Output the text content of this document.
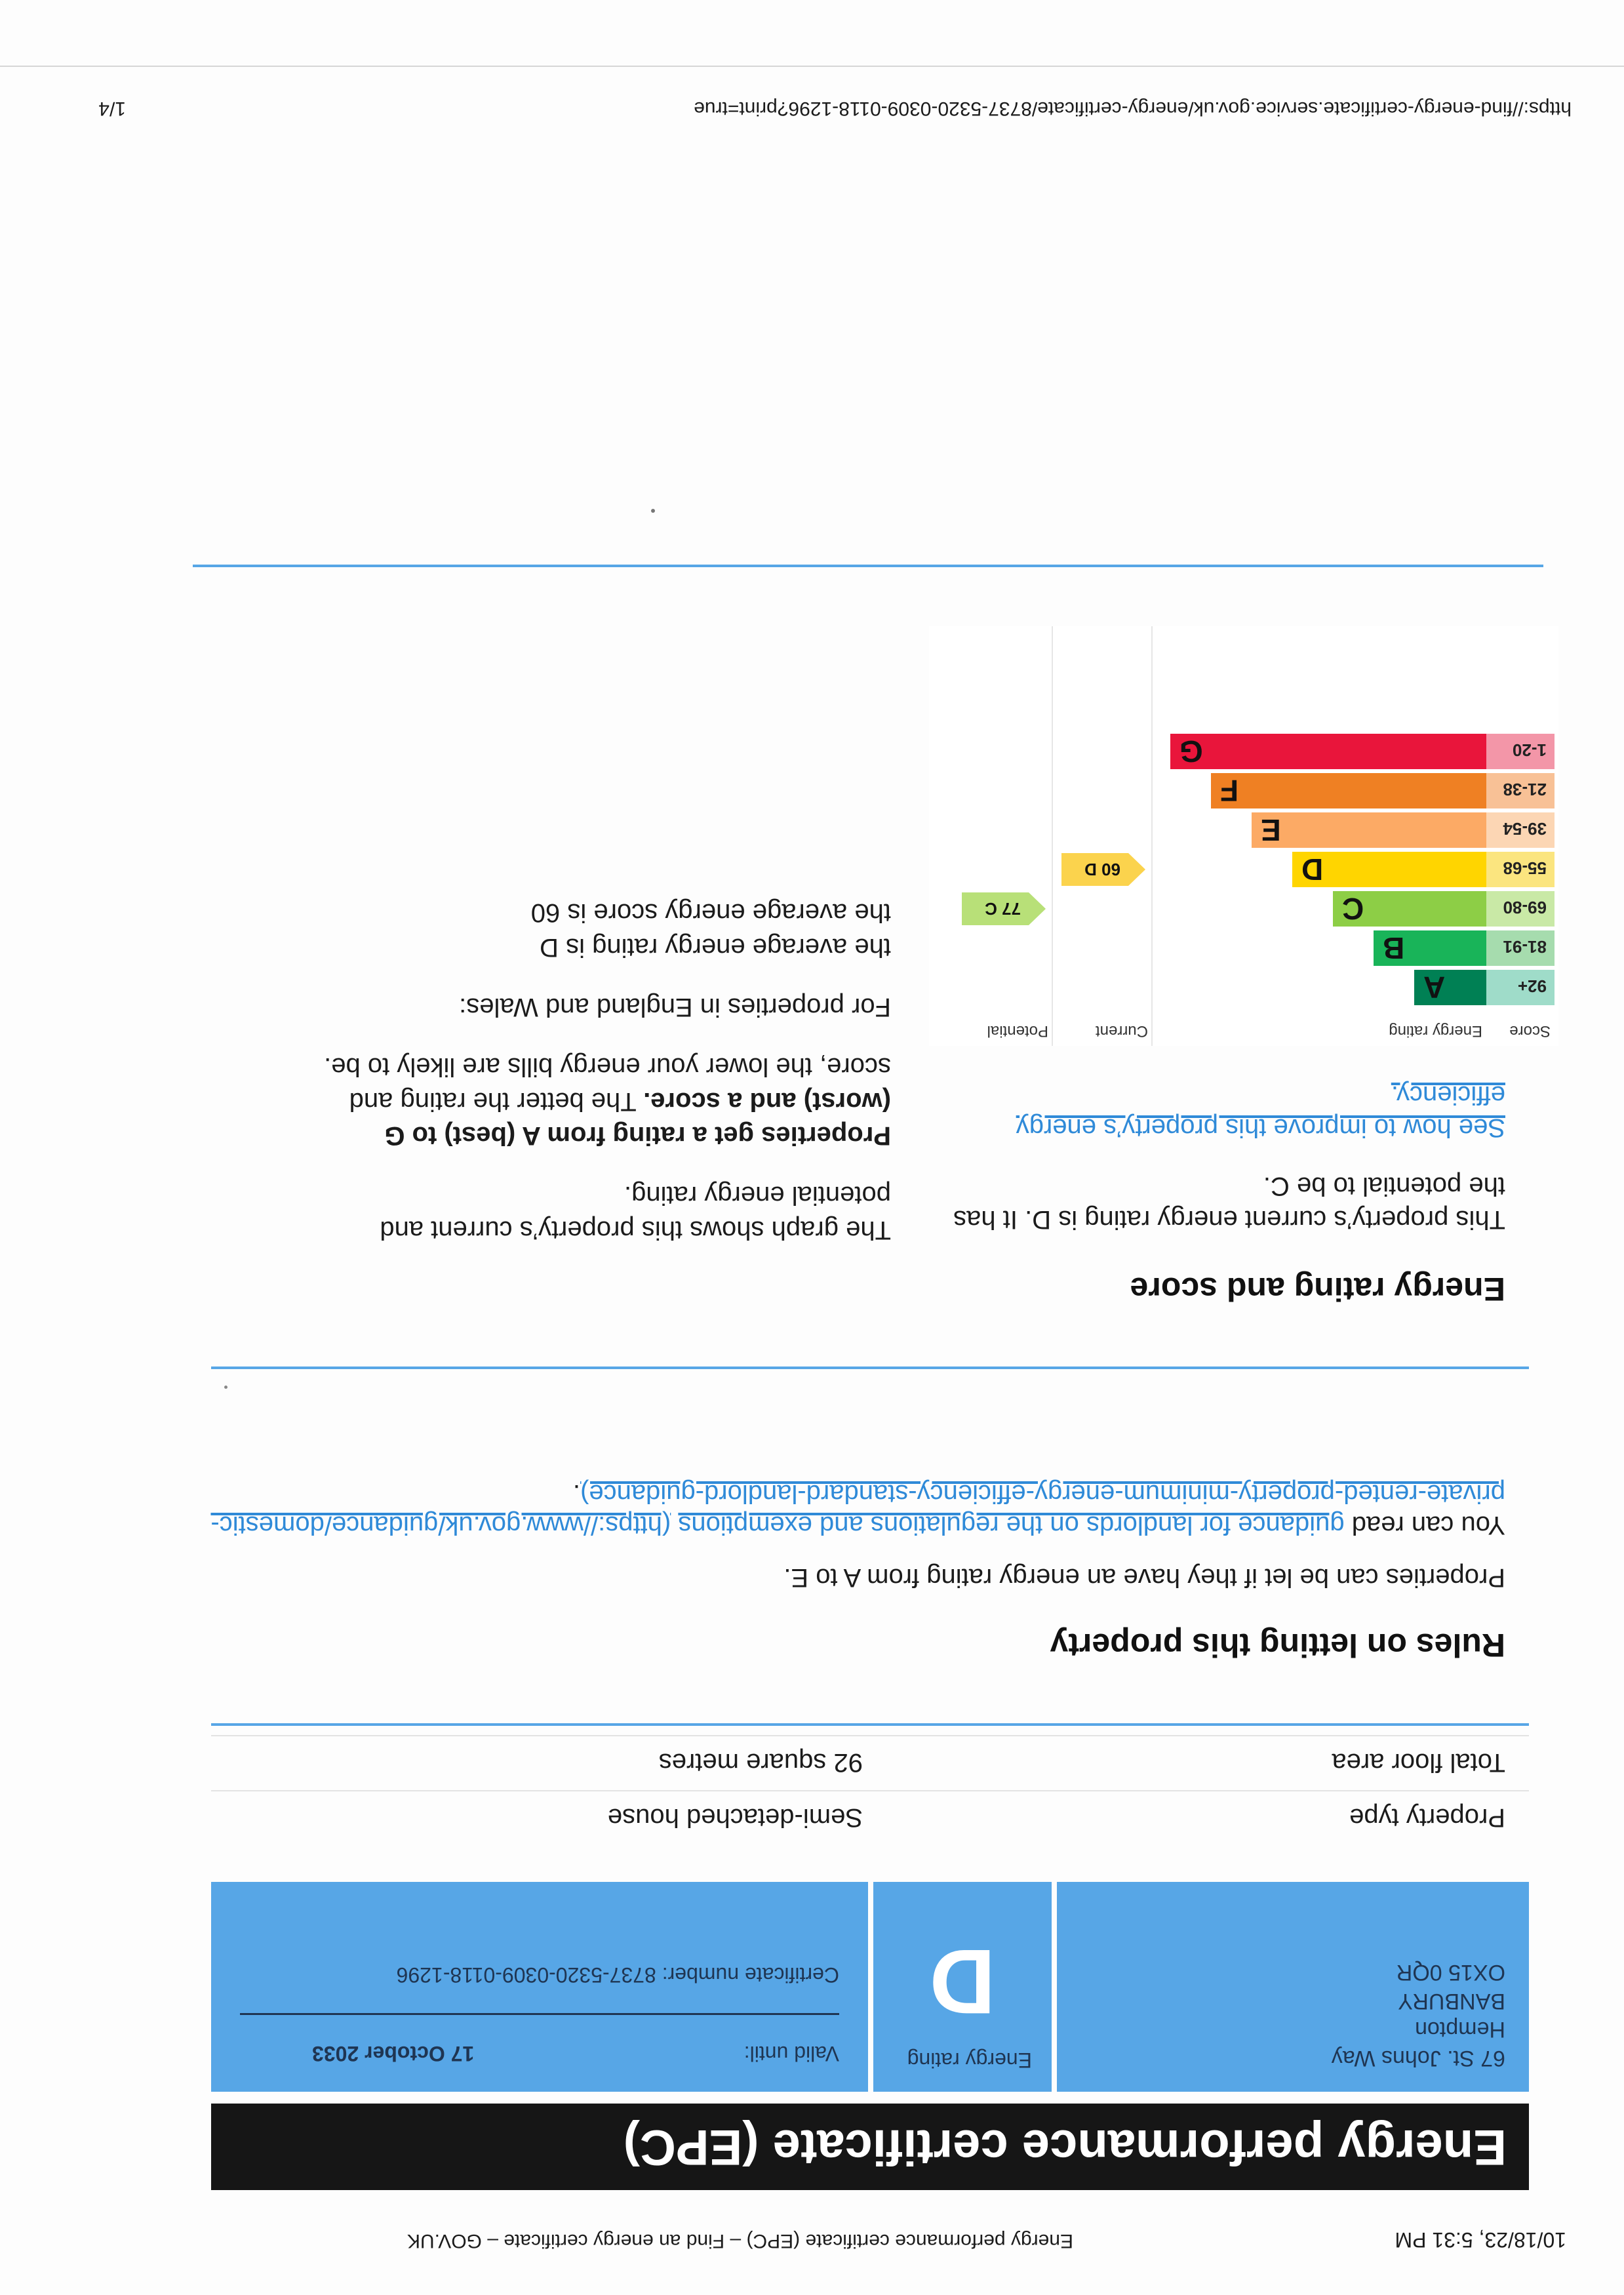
10/18/23, 5:31 PM
Energy performance certificate (EPC) – Find an energy certificate – GOV.UK
Energy performance certificate (EPC)
67 St. Johns Way
Hempton
BANBURY
OX15 0QR
Energy rating
D
Valid until:
17 October 2033
Certificate number: 8737-5320-0309-0118-1296
Property type
Semi-detached house
Total floor area
92 square metres
Rules on letting this property
Properties can be let if they have an energy rating from A to E.
You can read guidance for landlords on the regulations and exemptions (https://www.gov.uk/guidance/domestic-private-rented-property-minimum-energy-efficiency-standard-landlord-guidance).
Energy rating and score

This property’s current energy rating is D. It has the potential to be C.

See how to improve this property’s energy efficiency.

The graph shows this property’s current and potential energy rating.

Properties get a rating from A (best) to G (worst) and a score. The better the rating and score, the lower your energy bills are likely to be.

For properties in England and Wales:

the average energy rating is D

the average energy score is 60

Score
Energy rating
Current
Potential
92+
A
81-91
B
69-80
C
55-68
D
39-54
E
21-38
F
1-20
G
60 D
77 C
https://find-energy-certificate.service.gov.uk/energy-certificate/8737-5320-0309-0118-1296?print=true
1/4
